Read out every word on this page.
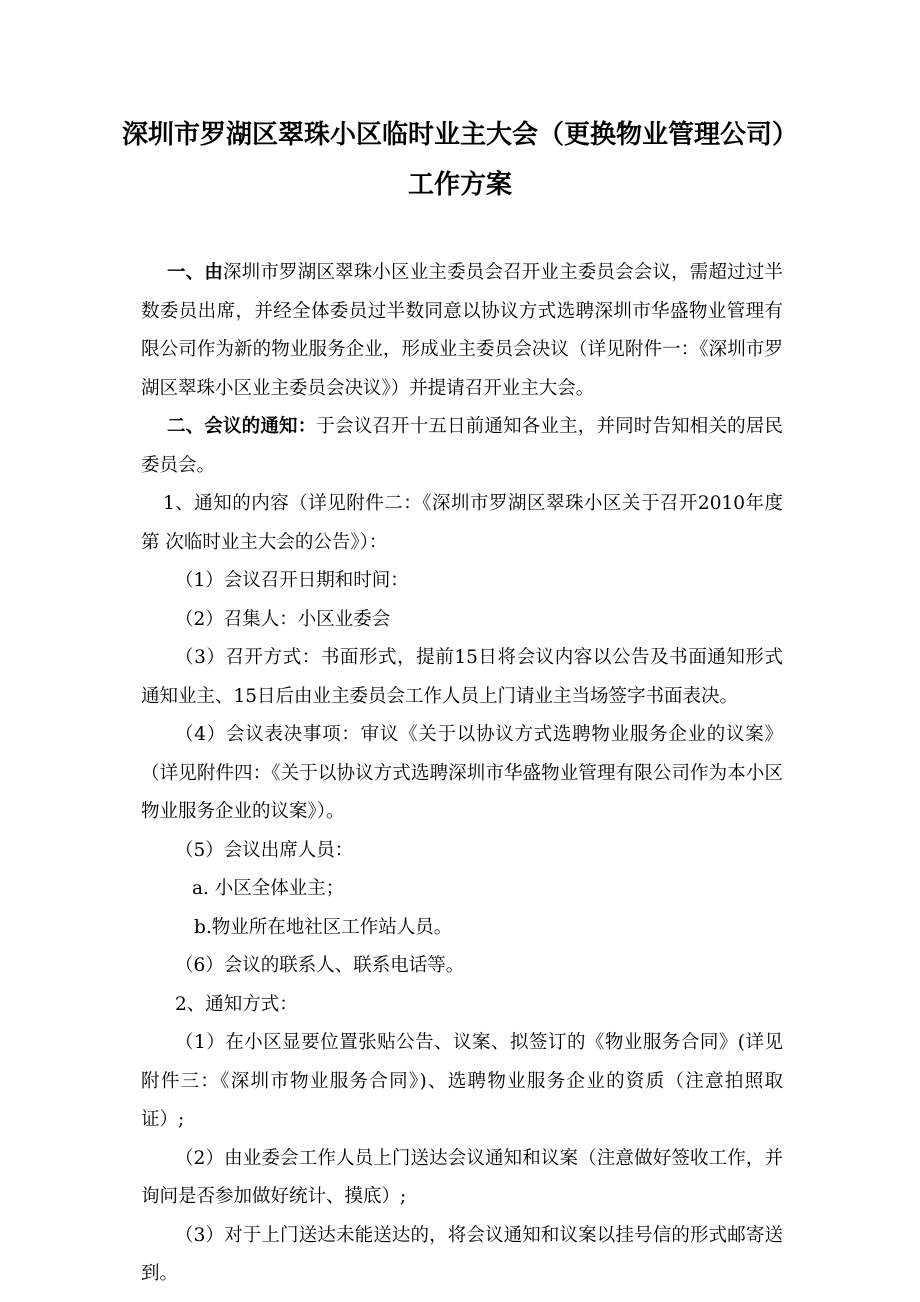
深圳市罗湖区翠珠小区临时业主大会（更换物业管理公司）
工作方案

一、由深圳市罗湖区翠珠小区业主委员会召开业主委员会会议，需超过过半数委员出席，并经全体委员过半数同意以协议方式选聘深圳市华盛物业管理有限公司作为新的物业服务企业，形成业主委员会决议（详见附件一：《深圳市罗湖区翠珠小区业主委员会决议》）并提请召开业主大会。

二、会议的通知：于会议召开十五日前通知各业主，并同时告知相关的居民委员会。

1、通知的内容（详见附件二：《深圳市罗湖区翠珠小区关于召开2010年度第 次临时业主大会的公告》）：

（1）会议召开日期和时间：

（2）召集人：小区业委会

（3）召开方式：书面形式，提前15日将会议内容以公告及书面通知形式通知业主、15日后由业主委员会工作人员上门请业主当场签字书面表决。

（4）会议表决事项：审议《关于以协议方式选聘物业服务企业的议案》（详见附件四：《关于以协议方式选聘深圳市华盛物业管理有限公司作为本小区物业服务企业的议案》）。

（5）会议出席人员：

a. 小区全体业主；

b.物业所在地社区工作站人员。

（6）会议的联系人、联系电话等。

2、通知方式：

（1）在小区显要位置张贴公告、议案、拟签订的《物业服务合同》(详见附件三：《深圳市物业服务合同》)、选聘物业服务企业的资质（注意拍照取证）;

（2）由业委会工作人员上门送达会议通知和议案（注意做好签收工作，并询问是否参加做好统计、摸底）;

（3）对于上门送达未能送达的，将会议通知和议案以挂号信的形式邮寄送到。
